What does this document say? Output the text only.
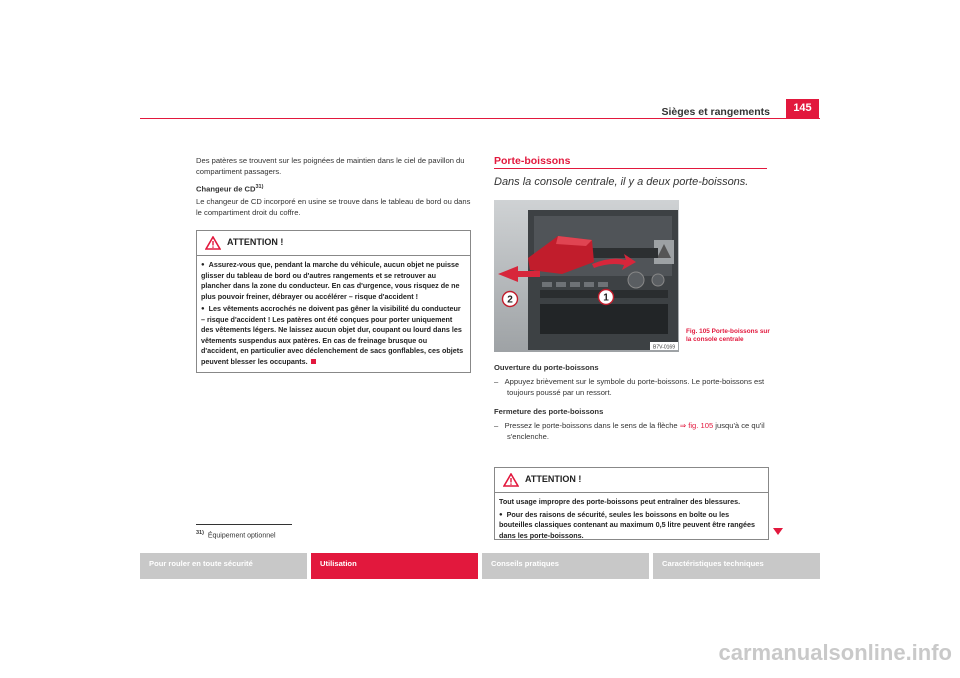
Sièges et rangements	145

Des patères se trouvent sur les poignées de maintien dans le ciel de pavillon du compartiment passagers.

Changeur de CD$^{31)}$

Le changeur de CD incorporé en usine se trouve dans le tableau de bord ou dans le compartiment droit du coffre.

ATTENTION !

● Assurez-vous que, pendant la marche du véhicule, aucun objet ne puisse glisser du tableau de bord ou d'autres rangements et se retrouver au plancher dans la zone du conducteur. En cas d'urgence, vous risquez de ne plus pouvoir freiner, débrayer ou accélérer – risque d'accident !

● Les vêtements accrochés ne doivent pas gêner la visibilité du conducteur – risque d'accident ! Les patères ont été conçues pour porter uniquement des vêtements légers. Ne laissez aucun objet dur, coupant ou lourd dans les vêtements suspendus aux patères. En cas de freinage brusque ou d'accident, en particulier avec déclenchement de sacs gonflables, ces objets peuvent blesser les occupants.

$^{31)}$ Équipement optionnel
Porte-boissons
Dans la console centrale, il y a deux porte-boissons.
2	1
B7V-0169
Fig. 105 Porte-boissons sur la console centrale

Ouverture du porte-boissons

– Appuyez brièvement sur le symbole du porte-boissons. Le porte-boissons est toujours poussé par un ressort.

Fermeture des porte-boissons

– Pressez le porte-boissons dans le sens de la flèche ⇒ fig. 105 jusqu'à ce qu'il s'enclenche.

ATTENTION !

Tout usage impropre des porte-boissons peut entraîner des blessures.

● Pour des raisons de sécurité, seules les boissons en boîte ou les bouteilles classiques contenant au maximum 0,5 litre peuvent être rangées dans les porte-boissons.

Pour rouler en toute sécurité	Utilisation	Conseils pratiques	Caractéristiques techniques
carmanualsonline.info
